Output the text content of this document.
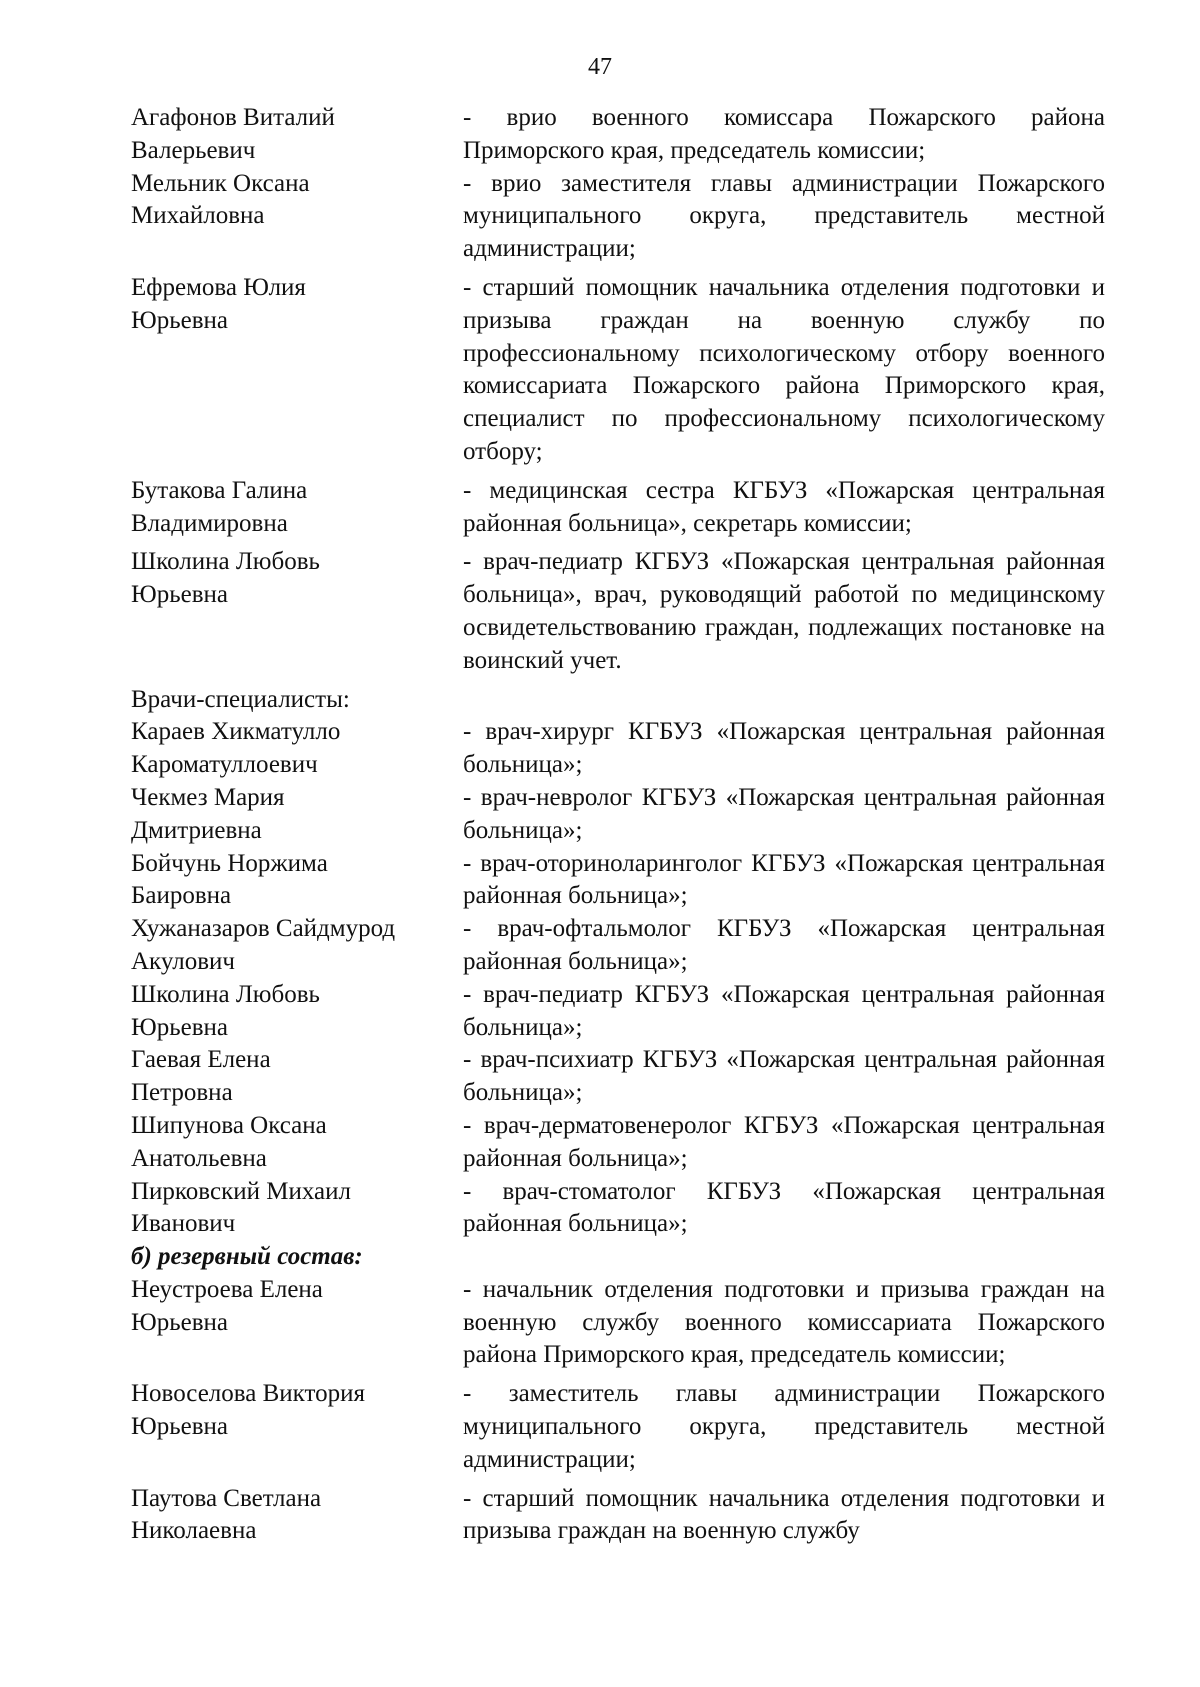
47
Агафонов Виталий
Валерьевич
- врио военного комиссара Пожарского района Приморского края, председатель комиссии;
Мельник Оксана
Михайловна
- врио заместителя главы администрации Пожарского муниципального округа, представитель местной администрации;
Ефремова Юлия
Юрьевна
- старший помощник начальника отделения подготовки и призыва граждан на военную службу по профессиональному психологическому отбору военного комиссариата Пожарского района Приморского края, специалист по профессиональному психологическому отбору;
Бутакова Галина
Владимировна
- медицинская сестра КГБУЗ «Пожарская центральная районная больница», секретарь комиссии;
Школина Любовь
Юрьевна
- врач-педиатр КГБУЗ «Пожарская центральная районная больница», врач, руководящий работой по медицинскому освидетельствованию граждан, подлежащих постановке на воинский учет.
Врачи-специалисты:
Караев Хикматулло
Кароматуллоевич
- врач-хирург КГБУЗ «Пожарская центральная районная больница»;
Чекмез Мария
Дмитриевна
- врач-невролог КГБУЗ «Пожарская центральная районная больница»;
Бойчунь Норжима
Баировна
- врач-оториноларинголог КГБУЗ «Пожарская центральная районная больница»;
Хужаназаров Сайдмурод
Акулович
- врач-офтальмолог КГБУЗ «Пожарская центральная районная больница»;
Школина Любовь
Юрьевна
- врач-педиатр КГБУЗ «Пожарская центральная районная больница»;
Гаевая Елена
Петровна
- врач-психиатр КГБУЗ «Пожарская центральная районная больница»;
Шипунова Оксана
Анатольевна
- врач-дерматовенеролог КГБУЗ «Пожарская центральная районная больница»;
Пирковский Михаил
Иванович
- врач-стоматолог КГБУЗ «Пожарская центральная районная больница»;
б) резервный состав:
Неустроева Елена
Юрьевна
- начальник отделения подготовки и призыва граждан на военную службу военного комиссариата Пожарского района Приморского края, председатель комиссии;
Новоселова Виктория
Юрьевна
- заместитель главы администрации Пожарского муниципального округа, представитель местной администрации;
Паутова Светлана
Николаевна
- старший помощник начальника отделения подготовки и призыва граждан на военную службу
